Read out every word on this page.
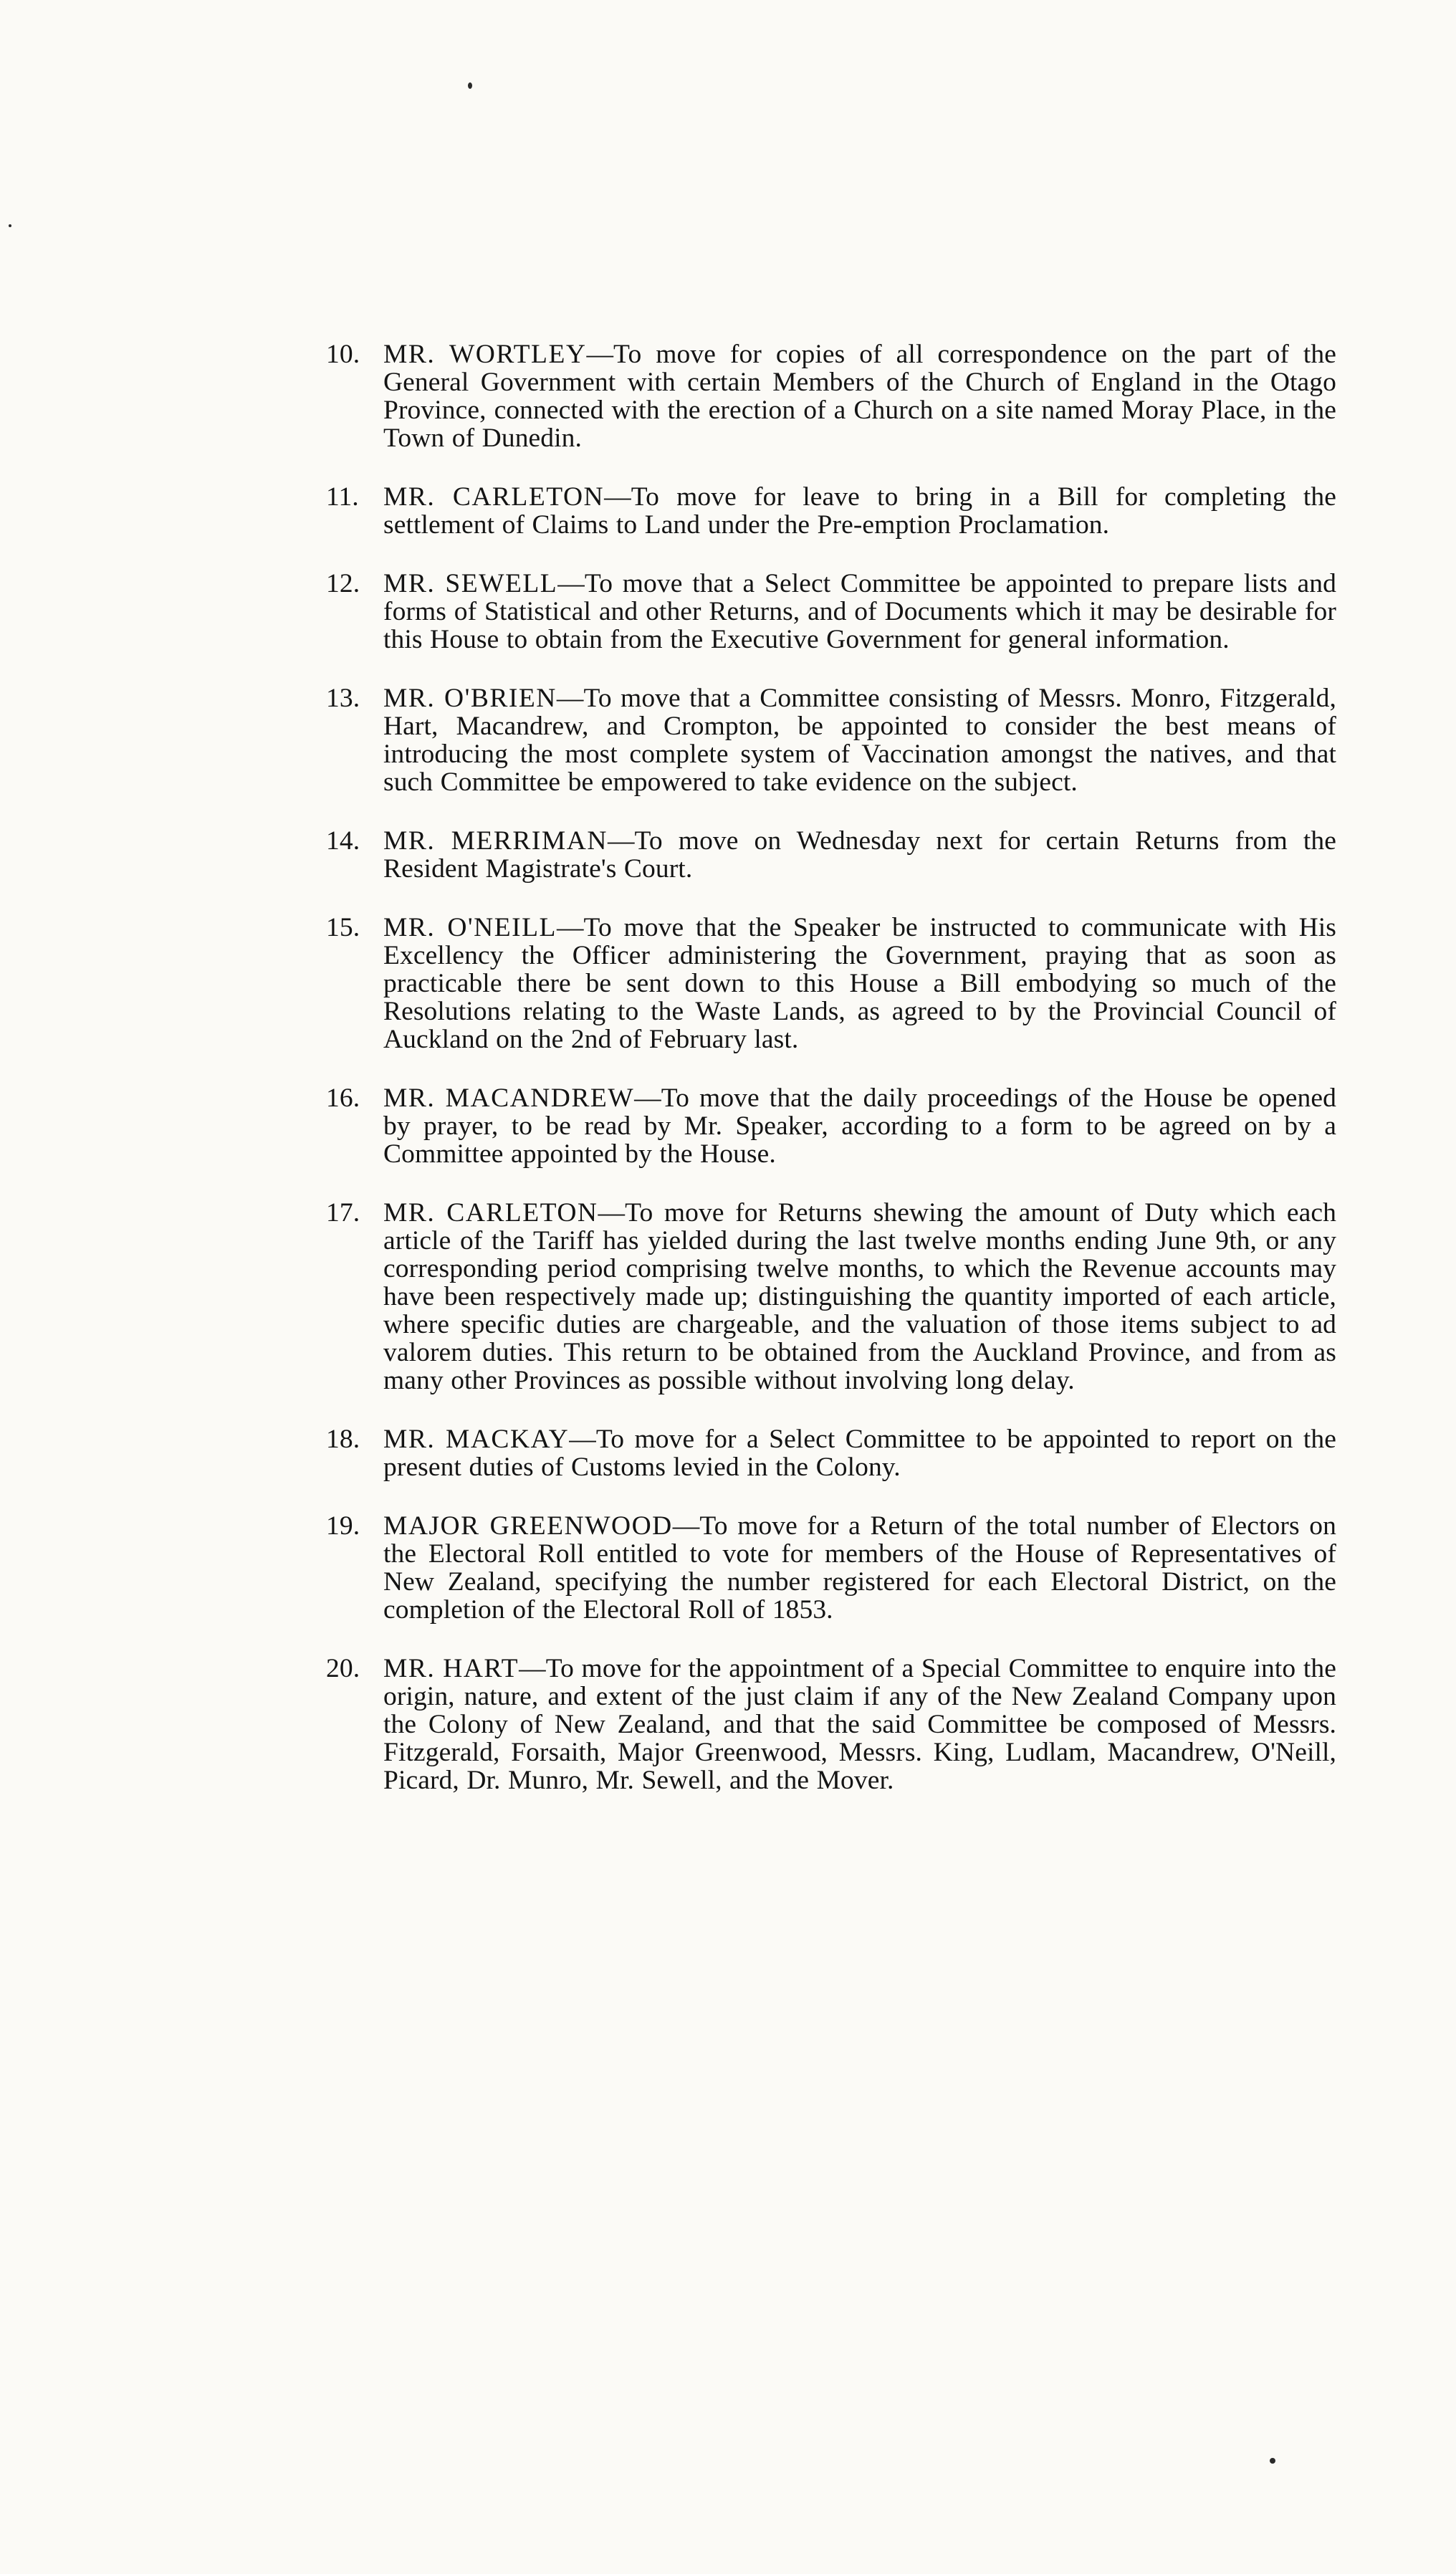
10. MR. WORTLEY—To move for copies of all correspondence on the part of the General Government with certain Members of the Church of England in the Otago Province, connected with the erection of a Church on a site named Moray Place, in the Town of Dunedin.
11. MR. CARLETON—To move for leave to bring in a Bill for completing the settlement of Claims to Land under the Pre-emption Proclamation.
12. MR. SEWELL—To move that a Select Committee be appointed to prepare lists and forms of Statistical and other Returns, and of Documents which it may be desirable for this House to obtain from the Executive Government for general information.
13. MR. O'BRIEN—To move that a Committee consisting of Messrs. Monro, Fitzgerald, Hart, Macandrew, and Crompton, be appointed to consider the best means of introducing the most complete system of Vaccination amongst the natives, and that such Committee be empowered to take evidence on the subject.
14. MR. MERRIMAN—To move on Wednesday next for certain Returns from the Resident Magistrate's Court.
15. MR. O'NEILL—To move that the Speaker be instructed to communicate with His Excellency the Officer administering the Government, praying that as soon as practicable there be sent down to this House a Bill embodying so much of the Resolutions relating to the Waste Lands, as agreed to by the Provincial Council of Auckland on the 2nd of February last.
16. MR. MACANDREW—To move that the daily proceedings of the House be opened by prayer, to be read by Mr. Speaker, according to a form to be agreed on by a Committee appointed by the House.
17. MR. CARLETON—To move for Returns shewing the amount of Duty which each article of the Tariff has yielded during the last twelve months ending June 9th, or any corresponding period comprising twelve months, to which the Revenue accounts may have been respectively made up; distinguishing the quantity imported of each article, where specific duties are chargeable, and the valuation of those items subject to ad valorem duties. This return to be obtained from the Auckland Province, and from as many other Provinces as possible without involving long delay.
18. MR. MACKAY—To move for a Select Committee to be appointed to report on the present duties of Customs levied in the Colony.
19. MAJOR GREENWOOD—To move for a Return of the total number of Electors on the Electoral Roll entitled to vote for members of the House of Representatives of New Zealand, specifying the number registered for each Electoral District, on the completion of the Electoral Roll of 1853.
20. MR. HART—To move for the appointment of a Special Committee to enquire into the origin, nature, and extent of the just claim if any of the New Zealand Company upon the Colony of New Zealand, and that the said Committee be composed of Messrs. Fitzgerald, Forsaith, Major Greenwood, Messrs. King, Ludlam, Macandrew, O'Neill, Picard, Dr. Munro, Mr. Sewell, and the Mover.
